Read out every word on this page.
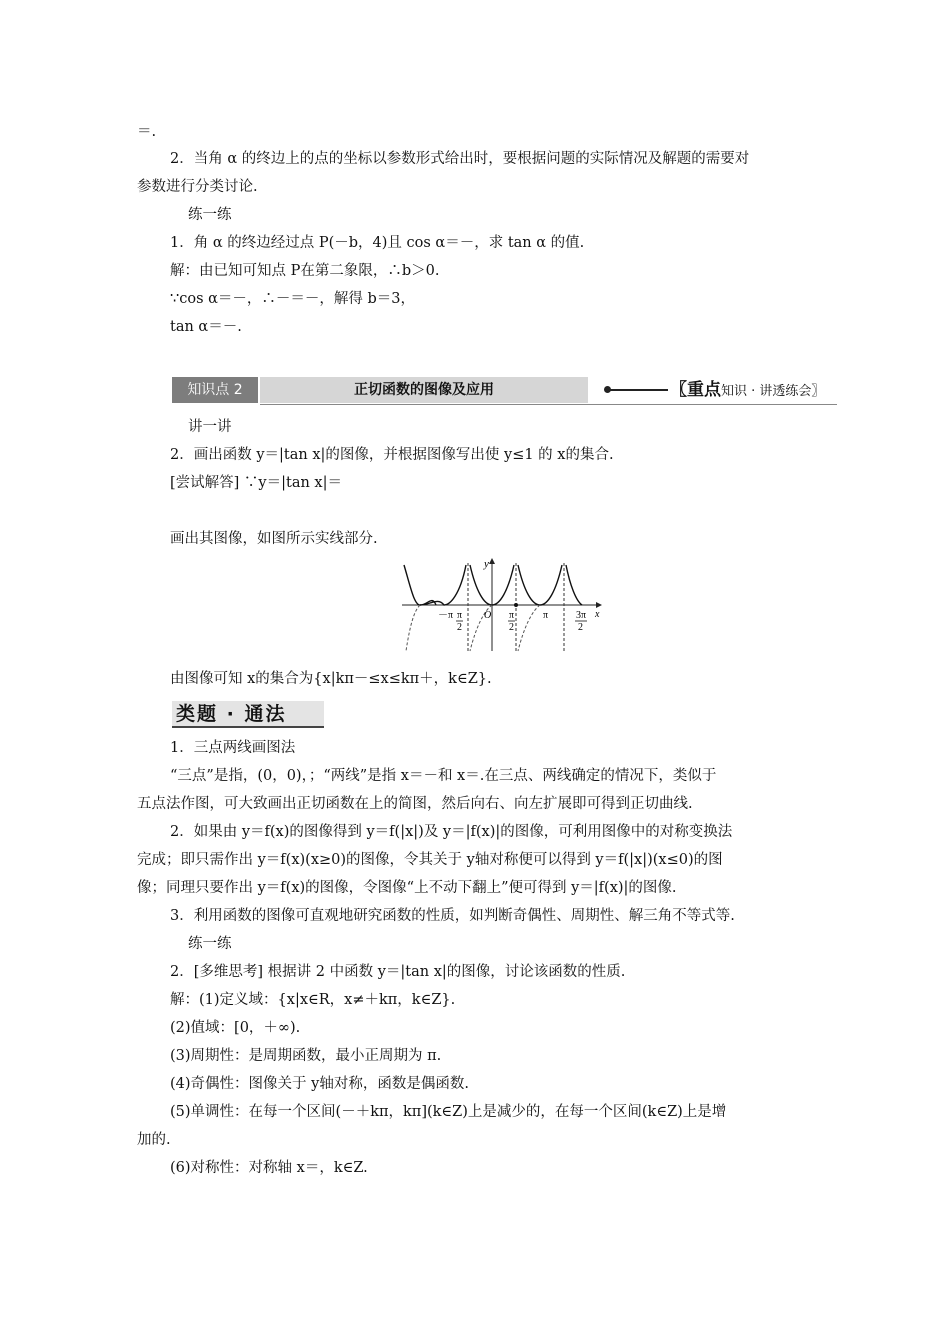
＝.
2．当角 α 的终边上的点的坐标以参数形式给出时，要根据问题的实际情况及解题的需要对
参数进行分类讨论.
练一练
1．角 α 的终边经过点 P(－b，4)且 cos α＝－，求 tan α 的值.
解：由已知可知点 P在第二象限，∴b＞0.
∵cos α＝－，∴－＝－，解得 b＝3，
tan α＝－.
知识点 2	正切函数的图像及应用	〖重点知识 · 讲透练会〗
讲一讲
2．画出函数 y＝|tan x|的图像，并根据图像写出使 y≤1 的 x的集合.
[尝试解答] ∵y＝|tan x|＝
画出其图像，如图所示实线部分.
y
x
O
－π π
2
π
2
π	3π
2
由图像可知 x的集合为{x|kπ－≤x≤kπ＋，k∈Z}.
类题 · 通法
1．三点两线画图法
“三点”是指，(0，0)，；“两线”是指 x＝－和 x＝.在三点、两线确定的情况下，类似于
五点法作图，可大致画出正切函数在上的简图，然后向右、向左扩展即可得到正切曲线.
2．如果由 y＝f(x)的图像得到 y＝f(|x|)及 y＝|f(x)|的图像，可利用图像中的对称变换法
完成；即只需作出 y＝f(x)(x≥0)的图像，令其关于 y轴对称便可以得到 y＝f(|x|)(x≤0)的图
像；同理只要作出 y＝f(x)的图像，令图像“上不动下翻上”便可得到 y＝|f(x)|的图像.
3．利用函数的图像可直观地研究函数的性质，如判断奇偶性、周期性、解三角不等式等.
练一练
2．[多维思考] 根据讲 2 中函数 y＝|tan x|的图像，讨论该函数的性质.
解：(1)定义域：{x|x∈R，x≠＋kπ，k∈Z}.
(2)值域：[0，＋∞).
(3)周期性：是周期函数，最小正周期为 π.
(4)奇偶性：图像关于 y轴对称，函数是偶函数.
(5)单调性：在每一个区间(－＋kπ，kπ](k∈Z)上是减少的，在每一个区间(k∈Z)上是增
加的.
(6)对称性：对称轴 x＝，k∈Z.
